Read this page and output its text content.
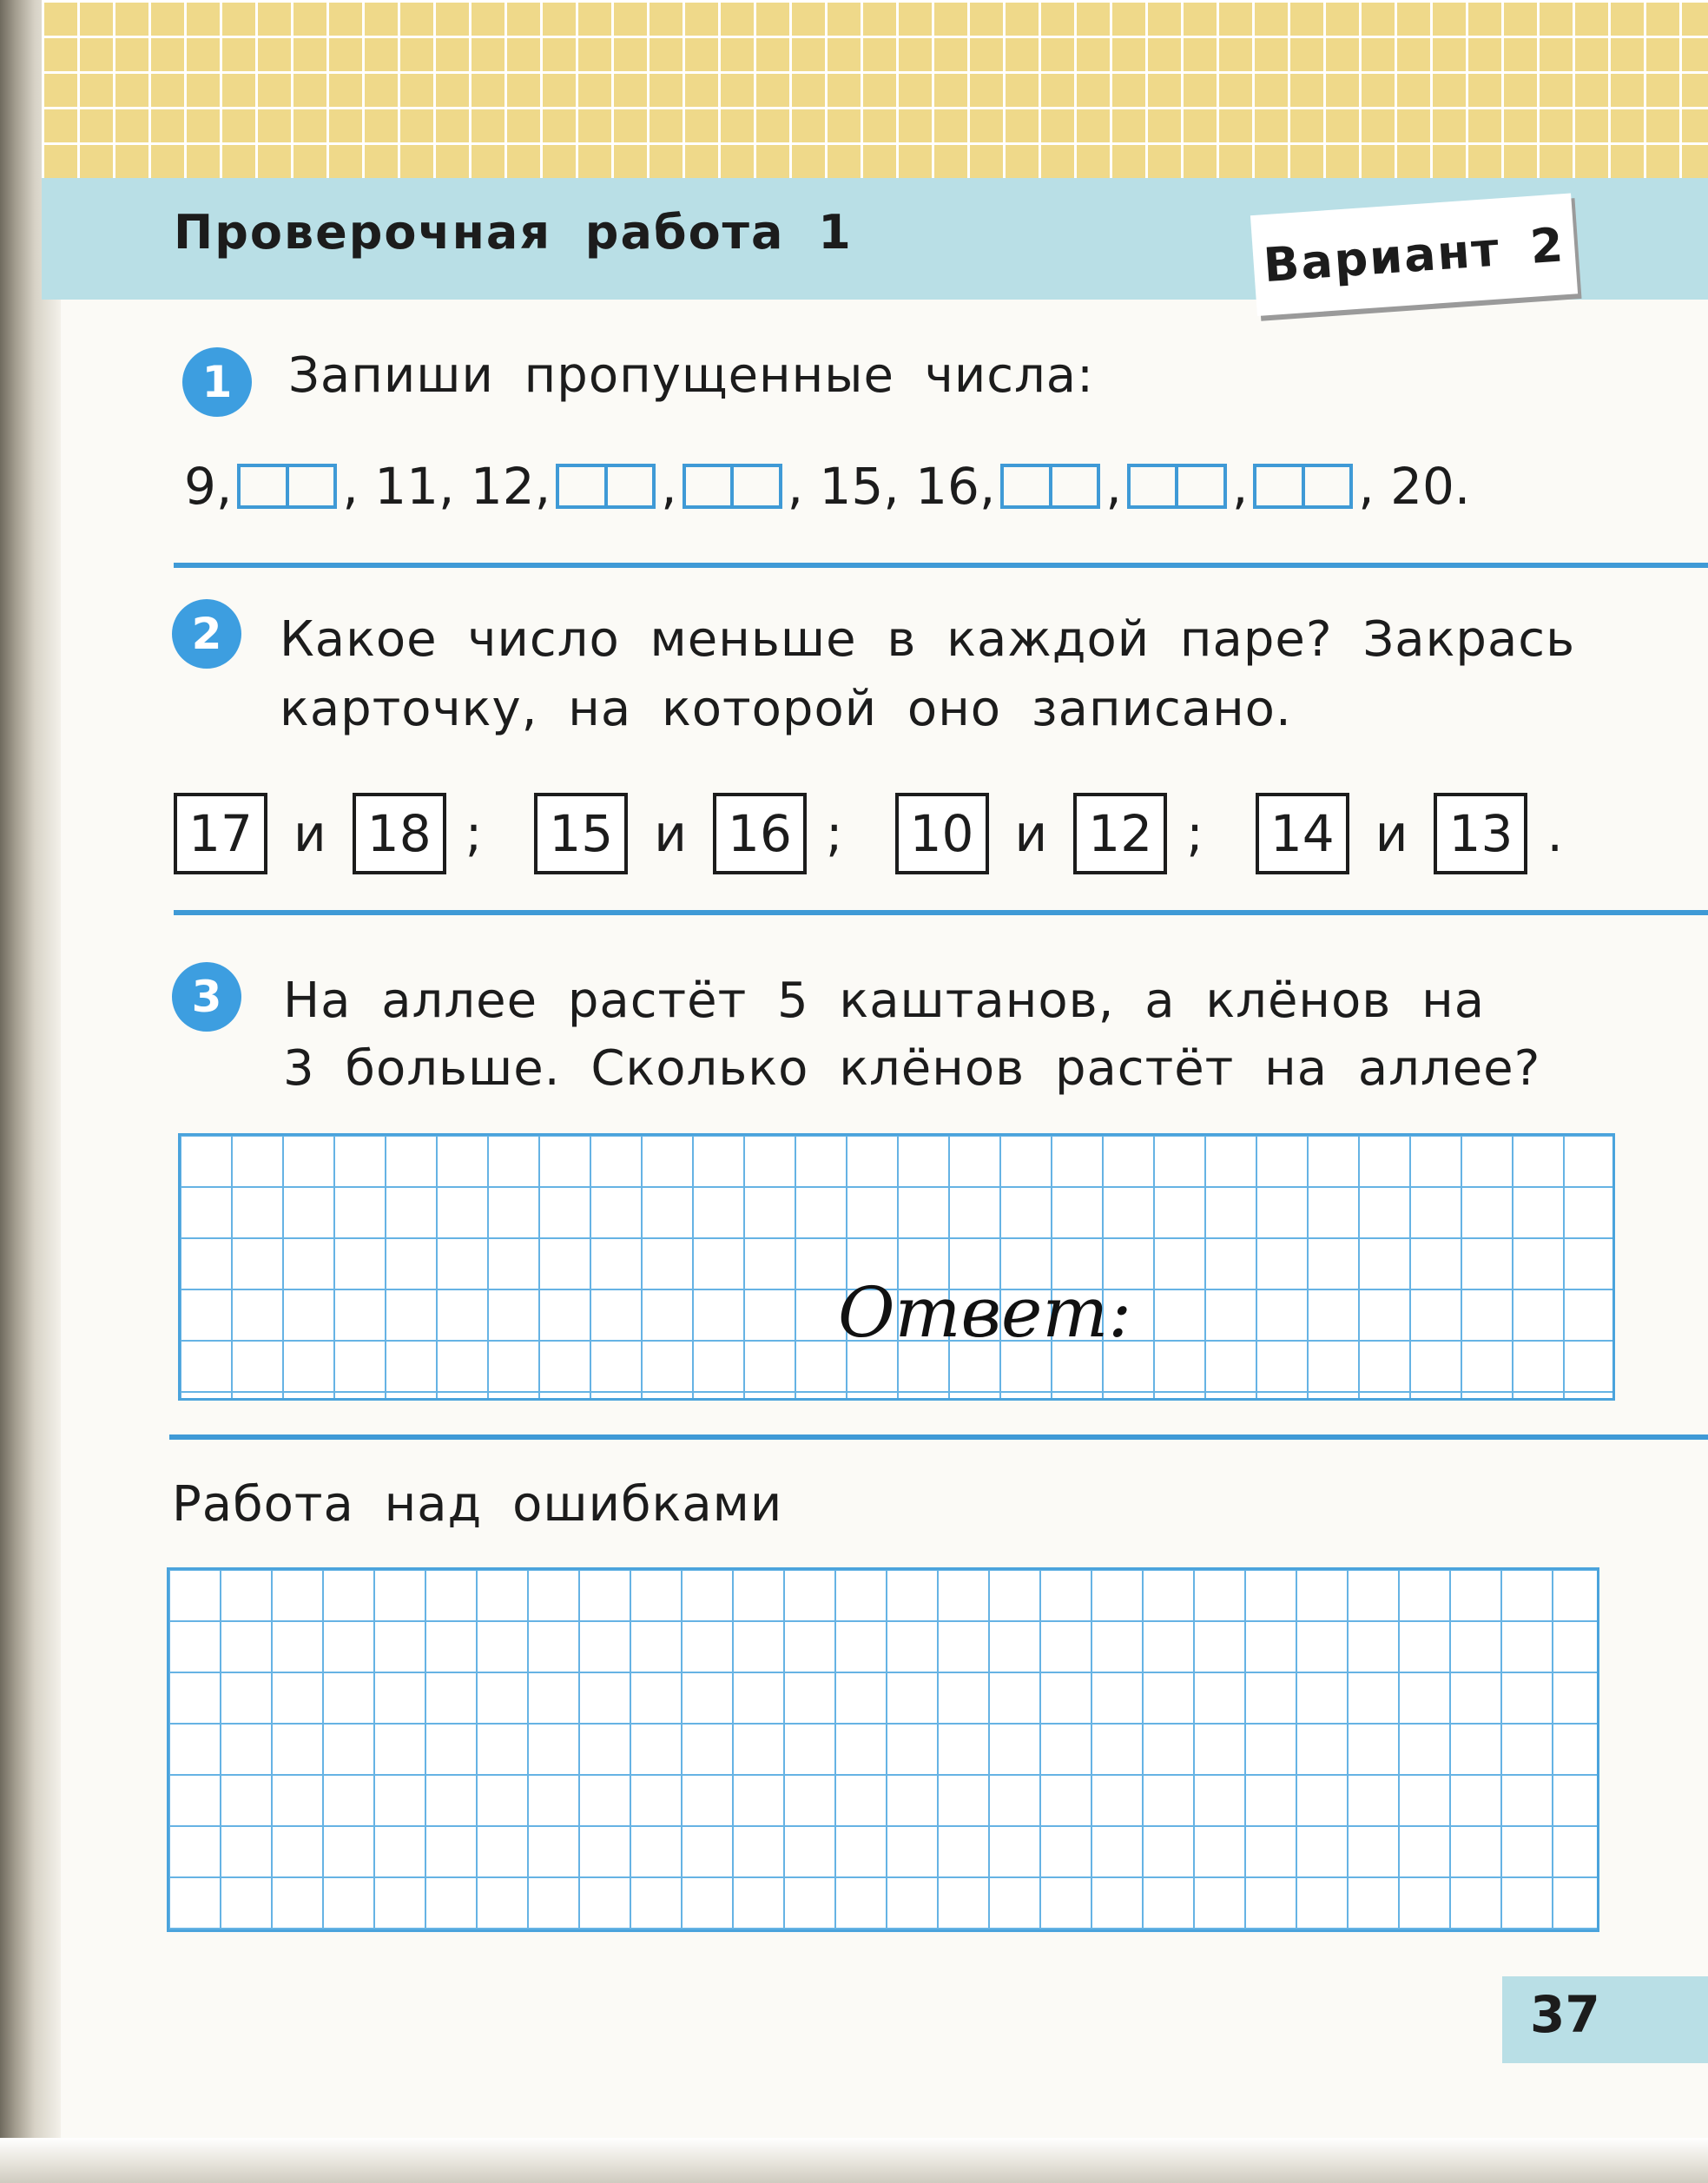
Проверочная работа 1	Вариант 2
1	Запиши пропущенные числа:
9, , 11, 12, , , 15, 16, , , , 20.
2	Какое число меньше в каждой паре? Закрась
карточку, на которой оно записано.
17 и 18 ; 15 и 16 ; 10 и 12 ; 14 и 13 .
3	На аллее растёт 5 каштанов, а клёнов на
3 больше. Сколько клёнов растёт на аллее?
Ответ:
Работа над ошибками
37
